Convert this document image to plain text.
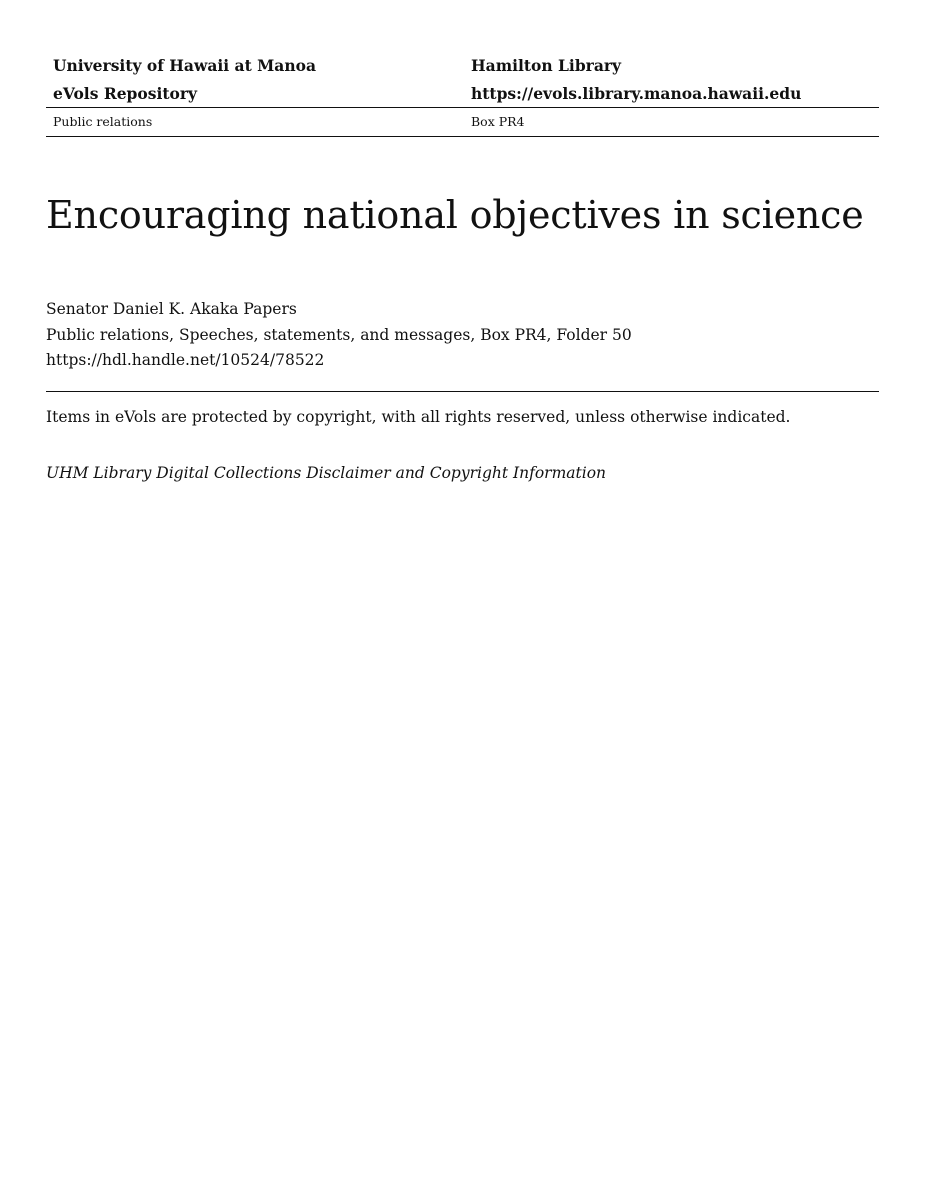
University of Hawaii at Manoa	Hamilton Library
eVols Repository	https://evols.library.manoa.hawaii.edu
Public relations	Box PR4
Encouraging national objectives in science
Senator Daniel K. Akaka Papers
Public relations, Speeches, statements, and messages, Box PR4, Folder 50
https://hdl.handle.net/10524/78522
Items in eVols are protected by copyright, with all rights reserved, unless otherwise indicated.
UHM Library Digital Collections Disclaimer and Copyright Information
